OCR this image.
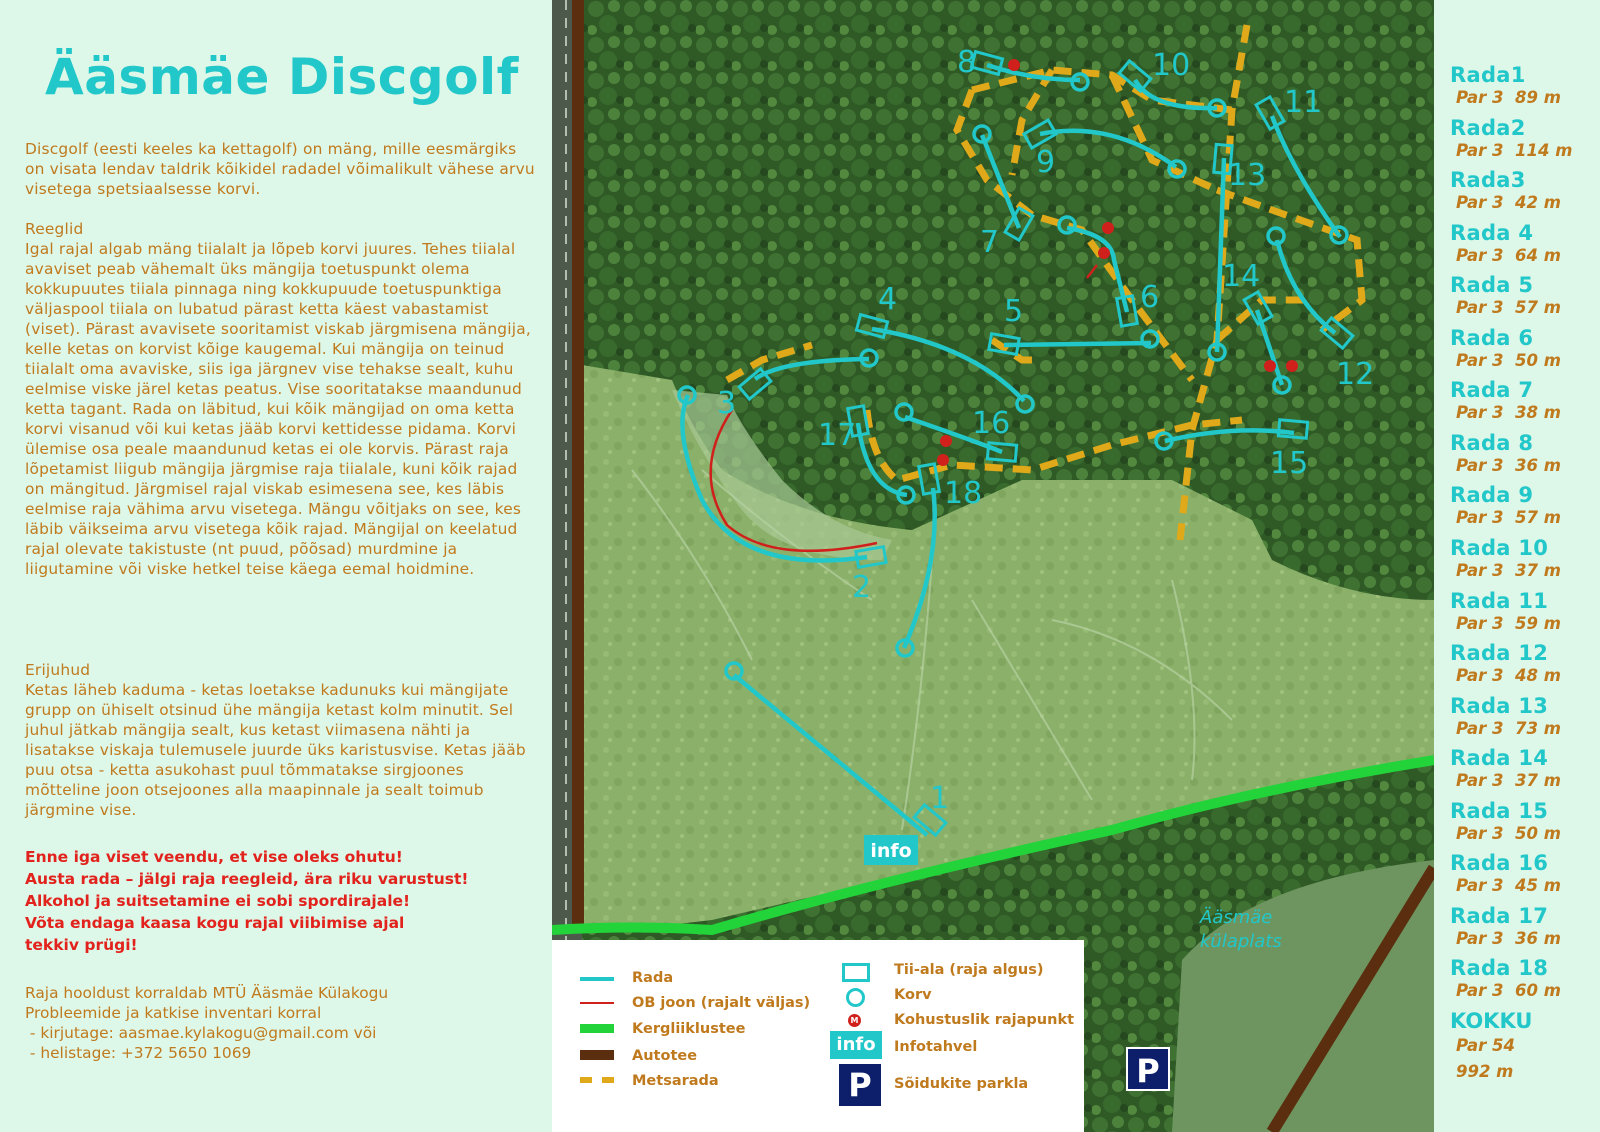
Ääsmäe Discgolf

Discgolf (eesti keeles ka kettagolf) on mäng, mille eesmärgiks on visata lendav taldrik kõikidel radadel võimalikult vähese arvu visetega spetsiaalsesse korvi.

Reeglid

Igal rajal algab mäng tiialalt ja lõpeb korvi juures. Tehes tiialal avaviset peab vähemalt üks mängija toetuspunkt olema kokkupuutes tiiala pinnaga ning kokkupuude toetuspunktiga väljaspool tiiala on lubatud pärast ketta käest vabastamist (viset). Pärast avavisete sooritamist viskab järgmisena mängija, kelle ketas on korvist kõige kaugemal. Kui mängija on teinud tiialalt oma avaviske, siis iga järgnev vise tehakse sealt, kuhu eelmise viske järel ketas peatus. Vise sooritatakse maandunud ketta tagant. Rada on läbitud, kui kõik mängijad on oma ketta korvi visanud või kui ketas jääb korvi kettidesse pidama. Korvi ülemise osa peale maandunud ketas ei ole korvis. Pärast raja lõpetamist liigub mängija järgmise raja tiialale, kuni kõik rajad on mängitud. Järgmisel rajal viskab esimesena see, kes läbis eelmise raja vähima arvu visetega. Mängu võitjaks on see, kes läbib väikseima arvu visetega kõik rajad. Mängijal on keelatud rajal olevate takistuste (nt puud, põõsad) murdmine ja liigutamine või viske hetkel teise käega eemal hoidmine.

Erijuhud

Ketas läheb kaduma - ketas loetakse kadunuks kui mängijate grupp on ühiselt otsinud ühe mängija ketast kolm minutit. Sel juhul jätkab mängija sealt, kus ketast viimasena nähti ja lisatakse viskaja tulemusele juurde üks karistusvise. Ketas jääb puu otsa - ketta asukohast puul tõmmatakse sirgjoones mõtteline joon otsejoones alla maapinnale ja sealt toimub järgmine vise.

Enne iga viset veendu, et vise oleks ohutu!
Austa rada – jälgi raja reegleid, ära riku varustust!
Alkohol ja suitsetamine ei sobi spordirajale!
Võta endaga kaasa kogu rajal viibimise ajal
tekkiv prügi!

Raja hooldust korraldab MTÜ Ääsmäe Külakogu
Probleemide ja katkise inventari korral
- kirjutage: aasmae.kylakogu@gmail.com või
- helistage: +372 5650 1069

1
2
3
4	5	6
7
8
9
10
11
12
13
14
15
16
17
18
info
Ääsmäe
külaplats
P
Rada
OB joon (rajalt väljas)
Kergliiklustee
Autotee
Metsarada
Tii-ala (raja algus)
Korv
M Kohustuslik rajapunkt
info	Infotahvel
P	Sõidukite parkla
Rada1
Par 3 89 m
Rada2
Par 3 114 m
Rada3
Par 3 42 m
Rada 4
Par 3 64 m
Rada 5
Par 3 57 m
Rada 6
Par 3 50 m
Rada 7
Par 3 38 m
Rada 8
Par 3 36 m
Rada 9
Par 3 57 m
Rada 10
Par 3 37 m
Rada 11
Par 3 59 m
Rada 12
Par 3 48 m
Rada 13
Par 3 73 m
Rada 14
Par 3 37 m
Rada 15
Par 3 50 m
Rada 16
Par 3 45 m
Rada 17
Par 3 36 m
Rada 18
Par 3 60 m
KOKKU
Par 54
992 m
